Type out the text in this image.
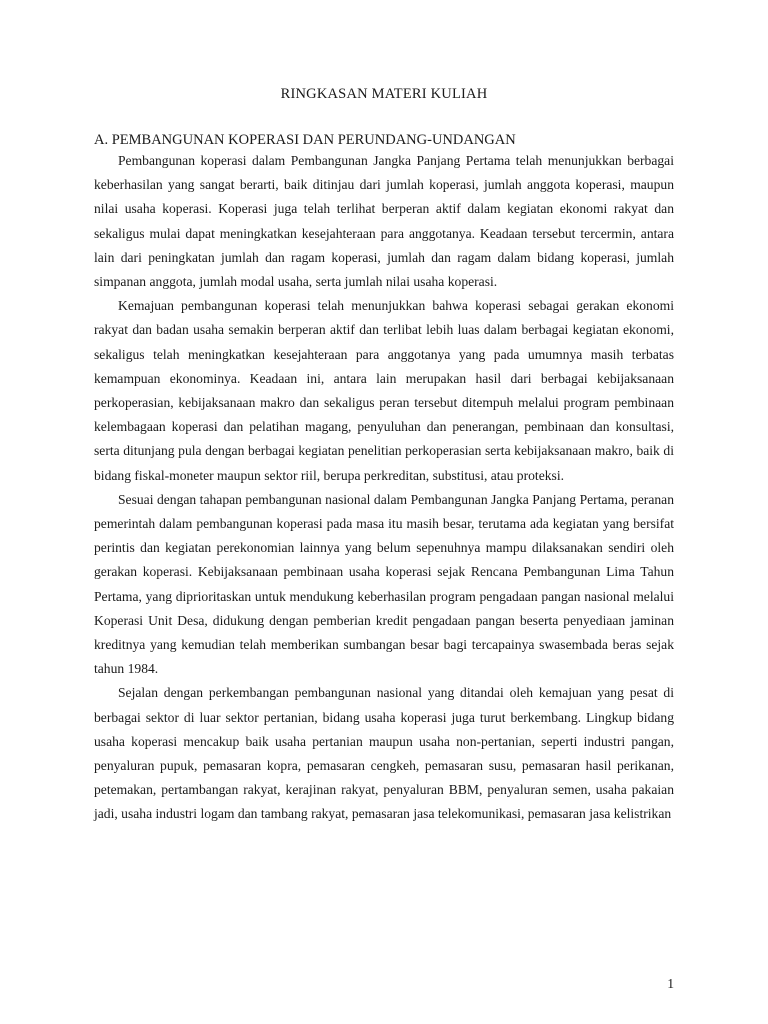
RINGKASAN MATERI KULIAH
A. PEMBANGUNAN KOPERASI DAN PERUNDANG-UNDANGAN

Pembangunan koperasi dalam Pembangunan Jangka Panjang Pertama telah menunjukkan berbagai keberhasilan yang sangat berarti, baik ditinjau dari jumlah koperasi, jumlah anggota koperasi, maupun nilai usaha koperasi. Koperasi juga telah terlihat berperan aktif dalam kegiatan ekonomi rakyat dan sekaligus mulai dapat meningkatkan kesejahteraan para anggotanya. Keadaan tersebut tercermin, antara lain dari peningkatan jumlah dan ragam koperasi, jumlah dan ragam dalam bidang koperasi, jumlah simpanan anggota, jumlah modal usaha, serta jumlah nilai usaha koperasi.

Kemajuan pembangunan koperasi telah menunjukkan bahwa koperasi sebagai gerakan ekonomi rakyat dan badan usaha semakin berperan aktif dan terlibat lebih luas dalam berbagai kegiatan ekonomi, sekaligus telah meningkatkan kesejahteraan para anggotanya yang pada umumnya masih terbatas kemampuan ekonominya. Keadaan ini, antara lain merupakan hasil dari berbagai kebijaksanaan perkoperasian, kebijaksanaan makro dan sekaligus peran tersebut ditempuh melalui program pembinaan kelembagaan koperasi dan pelatihan magang, penyuluhan dan penerangan, pembinaan dan konsultasi, serta ditunjang pula dengan berbagai kegiatan penelitian perkoperasian serta kebijaksanaan makro, baik di bidang fiskal-moneter maupun sektor riil, berupa perkreditan, substitusi, atau proteksi.

Sesuai dengan tahapan pembangunan nasional dalam Pembangunan Jangka Panjang Pertama, peranan pemerintah dalam pembangunan koperasi pada masa itu masih besar, terutama ada kegiatan yang bersifat perintis dan kegiatan perekonomian lainnya yang belum sepenuhnya mampu dilaksanakan sendiri oleh gerakan koperasi. Kebijaksanaan pembinaan usaha koperasi sejak Rencana Pembangunan Lima Tahun Pertama, yang diprioritaskan untuk mendukung keberhasilan program pengadaan pangan nasional melalui Koperasi Unit Desa, didukung dengan pemberian kredit pengadaan pangan beserta penyediaan jaminan kreditnya yang kemudian telah memberikan sumbangan besar bagi tercapainya swasembada beras sejak tahun 1984.

Sejalan dengan perkembangan pembangunan nasional yang ditandai oleh kemajuan yang pesat di berbagai sektor di luar sektor pertanian, bidang usaha koperasi juga turut berkembang. Lingkup bidang usaha koperasi mencakup baik usaha pertanian maupun usaha non-pertanian, seperti industri pangan, penyaluran pupuk, pemasaran kopra, pemasaran cengkeh, pemasaran susu, pemasaran hasil perikanan, petemakan, pertambangan rakyat, kerajinan rakyat, penyaluran BBM, penyaluran semen, usaha pakaian jadi, usaha industri logam dan tambang rakyat, pemasaran jasa telekomunikasi, pemasaran jasa kelistrikan

1
